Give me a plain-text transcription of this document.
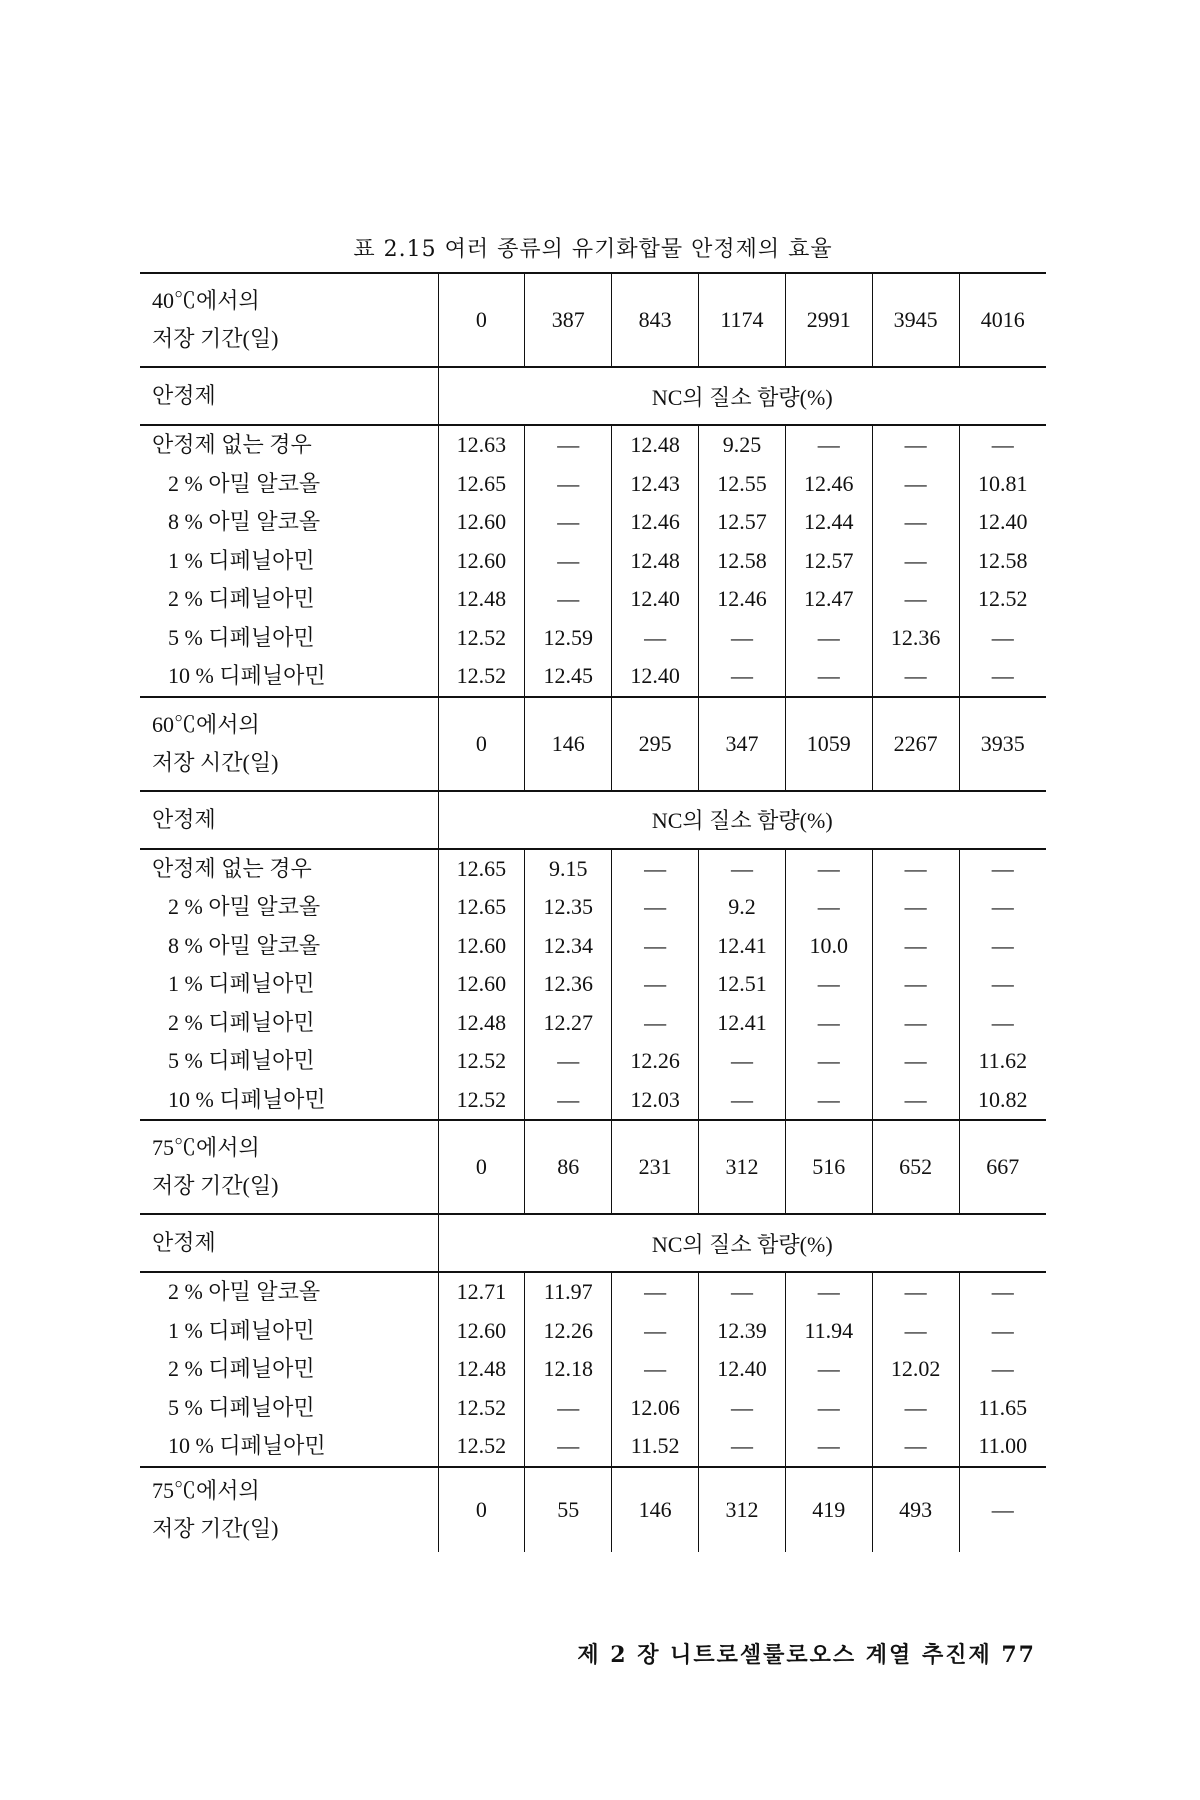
표 2.15 여러 종류의 유기화합물 안정제의 효율
40℃에서의
저장 기간(일)	0	387	843	1174	2991	3945	4016
안정제	NC의 질소 함량(%)						
안정제 없는 경우	12.63	—	12.48	9.25	—	—	—
2 % 아밀 알코올	12.65	—	12.43	12.55	12.46	—	10.81
8 % 아밀 알코올	12.60	—	12.46	12.57	12.44	—	12.40
1 % 디페닐아민	12.60	—	12.48	12.58	12.57	—	12.58
2 % 디페닐아민	12.48	—	12.40	12.46	12.47	—	12.52
5 % 디페닐아민	12.52	12.59	—	—	—	12.36	—
10 % 디페닐아민	12.52	12.45	12.40	—	—	—	—

60℃에서의
저장 시간(일)	0	146	295	347	1059	2267	3935
안정제	NC의 질소 함량(%)						
안정제 없는 경우	12.65	9.15	—	—	—	—	—
2 % 아밀 알코올	12.65	12.35	—	9.2	—	—	—
8 % 아밀 알코올	12.60	12.34	—	12.41	10.0	—	—
1 % 디페닐아민	12.60	12.36	—	12.51	—	—	—
2 % 디페닐아민	12.48	12.27	—	12.41	—	—	—
5 % 디페닐아민	12.52	—	12.26	—	—	—	11.62
10 % 디페닐아민	12.52	—	12.03	—	—	—	10.82

75℃에서의
저장 기간(일)	0	86	231	312	516	652	667
안정제	NC의 질소 함량(%)						
2 % 아밀 알코올	12.71	11.97	—	—	—	—	—
1 % 디페닐아민	12.60	12.26	—	12.39	11.94	—	—
2 % 디페닐아민	12.48	12.18	—	12.40	—	12.02	—
5 % 디페닐아민	12.52	—	12.06	—	—	—	11.65
10 % 디페닐아민	12.52	—	11.52	—	—	—	11.00

75℃에서의
저장 기간(일)	0	55	146	312	419	493	—
제 2 장 니트로셀룰로오스 계열 추진제 77
